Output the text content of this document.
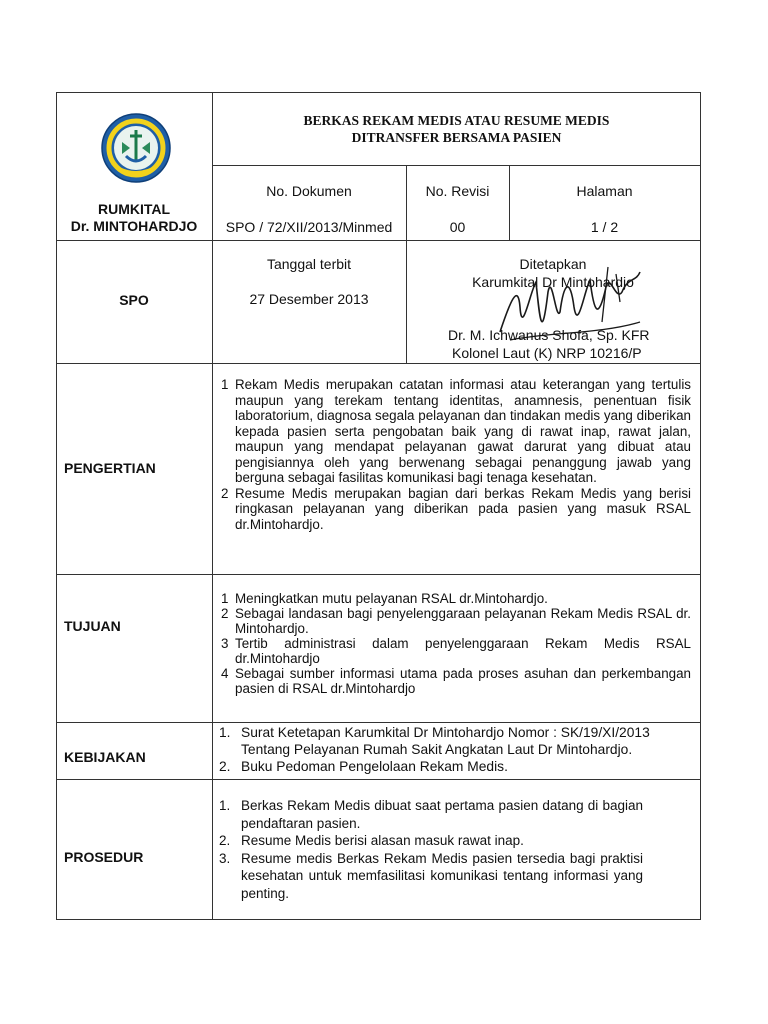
RUMKITAL
Dr. MINTOHARDJO
BERKAS REKAM MEDIS ATAU RESUME MEDIS
DITRANSFER BERSAMA PASIEN
No. Dokumen
SPO / 72/XII/2013/Minmed
No. Revisi
00
Halaman
1 / 2
SPO
Tanggal terbit
27 Desember 2013
Ditetapkan
Karumkital Dr Mintohardjo
Dr. M. Ichwanus Shofa, Sp. KFR
Kolonel Laut (K) NRP 10216/P
PENGERTIAN
1 Rekam Medis merupakan catatan informasi atau keterangan yang tertulis maupun yang terekam tentang identitas, anamnesis, penentuan fisik laboratorium, diagnosa segala pelayanan dan tindakan medis yang diberikan kepada pasien serta pengobatan baik yang di rawat inap, rawat jalan, maupun yang mendapat pelayanan gawat darurat yang dibuat atau pengisiannya oleh yang berwenang sebagai penanggung jawab yang berguna sebagai fasilitas komunikasi bagi tenaga kesehatan.
2 Resume Medis merupakan bagian dari berkas Rekam Medis yang berisi ringkasan pelayanan yang diberikan pada pasien yang masuk RSAL dr.Mintohardjo.
TUJUAN
1 Meningkatkan mutu pelayanan RSAL dr.Mintohardjo.
2 Sebagai landasan bagi penyelenggaraan pelayanan Rekam Medis RSAL dr. Mintohardjo.
3 Tertib administrasi dalam penyelenggaraan Rekam Medis RSAL dr.Mintohardjo
4 Sebagai sumber informasi utama pada proses asuhan dan perkembangan pasien di RSAL dr.Mintohardjo
KEBIJAKAN
1. Surat Ketetapan Karumkital Dr Mintohardjo Nomor : SK/19/XI/2013 Tentang Pelayanan Rumah Sakit Angkatan Laut Dr Mintohardjo.
2. Buku Pedoman Pengelolaan Rekam Medis.
PROSEDUR
1. Berkas Rekam Medis dibuat saat pertama pasien datang di bagian pendaftaran pasien.
2. Resume Medis berisi alasan masuk rawat inap.
3. Resume medis Berkas Rekam Medis pasien tersedia bagi praktisi kesehatan untuk memfasilitasi komunikasi tentang informasi yang penting.
